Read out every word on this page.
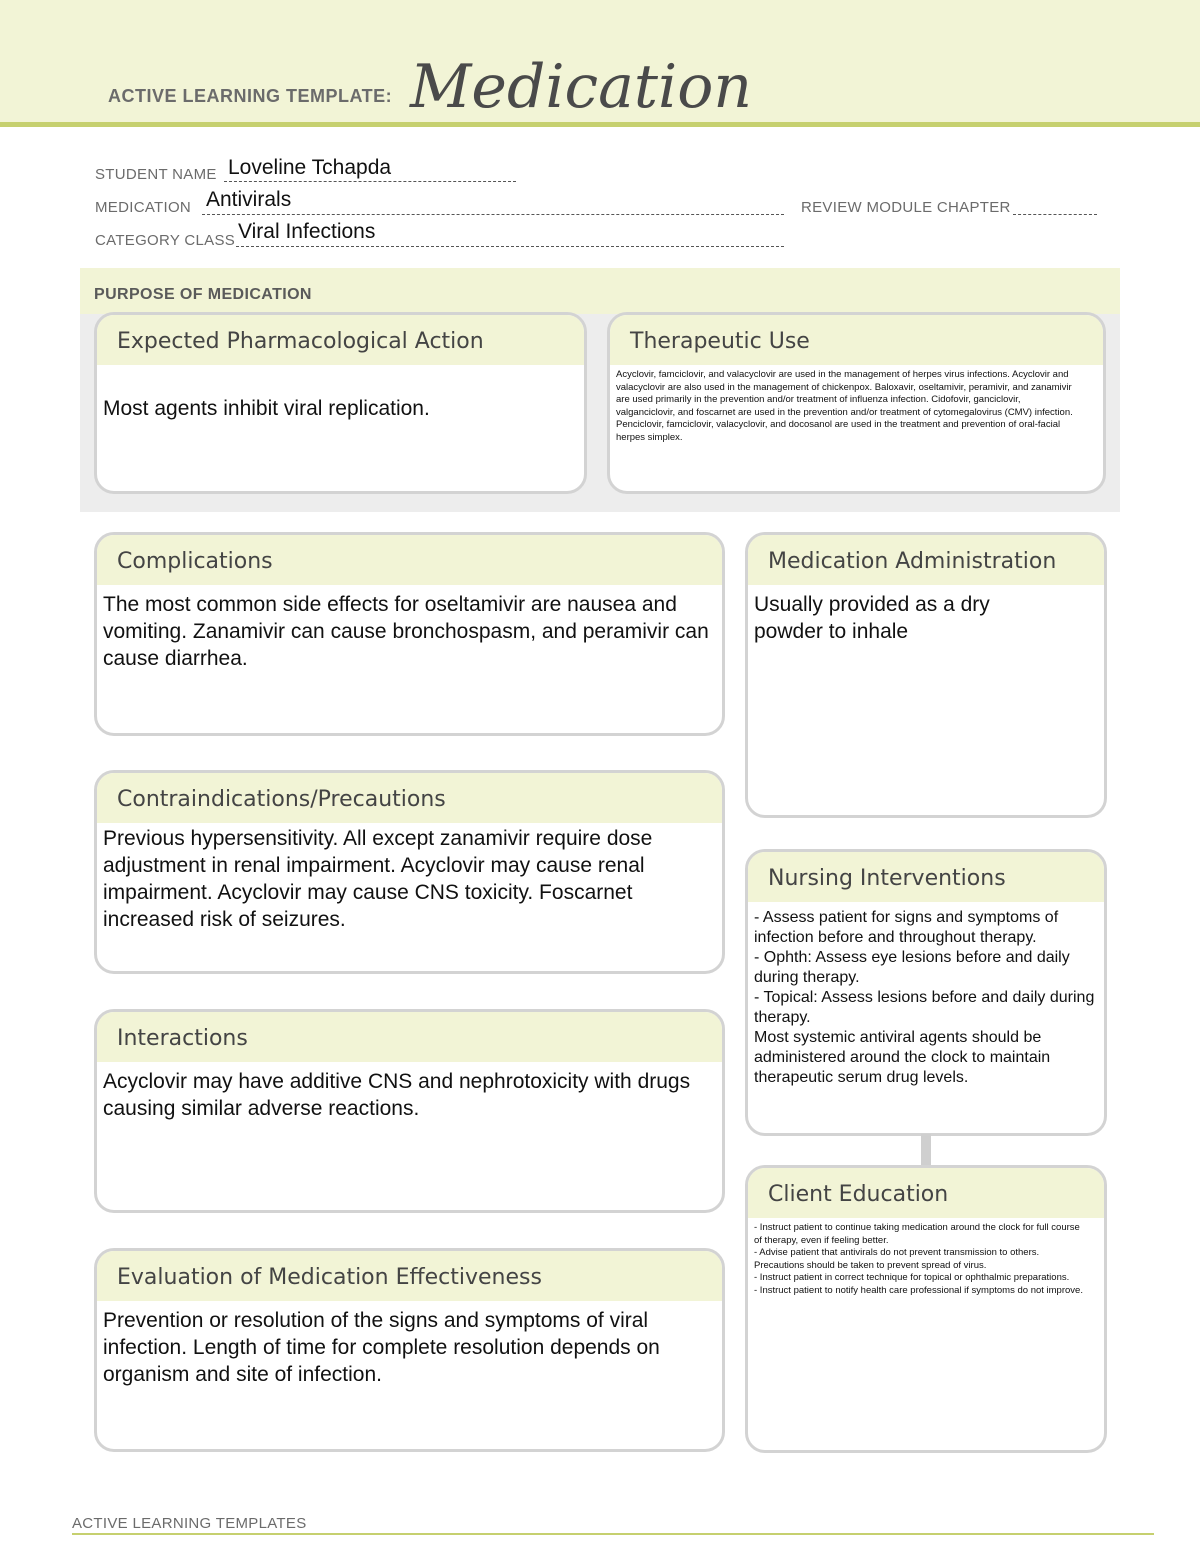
ACTIVE LEARNING TEMPLATE: Medication
STUDENT NAME Loveline Tchapda
MEDICATION Antivirals	REVIEW MODULE CHAPTER
CATEGORY CLASS Viral Infections
PURPOSE OF MEDICATION
Expected Pharmacological Action

Most agents inhibit viral replication.

Therapeutic Use

Acyclovir, famciclovir, and valacyclovir are used in the management of herpes virus infections. Acyclovir and valacyclovir are also used in the management of chickenpox. Baloxavir, oseltamivir, peramivir, and zanamivir are used primarily in the prevention and/or treatment of influenza infection. Cidofovir, ganciclovir, valganciclovir, and foscarnet are used in the prevention and/or treatment of cytomegalovirus (CMV) infection. Penciclovir, famciclovir, valacyclovir, and docosanol are used in the treatment and prevention of oral-facial herpes simplex.

Complications

The most common side effects for oseltamivir are nausea and vomiting. Zanamivir can cause bronchospasm, and peramivir can cause diarrhea.

Contraindications/Precautions

Previous hypersensitivity. All except zanamivir require dose adjustment in renal impairment. Acyclovir may cause renal impairment. Acyclovir may cause CNS toxicity. Foscarnet increased risk of seizures.

Interactions

Acyclovir may have additive CNS and nephrotoxicity with drugs causing similar adverse reactions.

Evaluation of Medication Effectiveness

Prevention or resolution of the signs and symptoms of viral infection. Length of time for complete resolution depends on organism and site of infection.

Medication Administration

Usually provided as a dry powder to inhale

Nursing Interventions

- Assess patient for signs and symptoms of infection before and throughout therapy.
- Ophth: Assess eye lesions before and daily during therapy.
- Topical: Assess lesions before and daily during therapy.
Most systemic antiviral agents should be administered around the clock to maintain therapeutic serum drug levels.

Client Education

- Instruct patient to continue taking medication around the clock for full course of therapy, even if feeling better.
- Advise patient that antivirals do not prevent transmission to others. Precautions should be taken to prevent spread of virus.
- Instruct patient in correct technique for topical or ophthalmic preparations.
- Instruct patient to notify health care professional if symptoms do not improve.

ACTIVE LEARNING TEMPLATES
